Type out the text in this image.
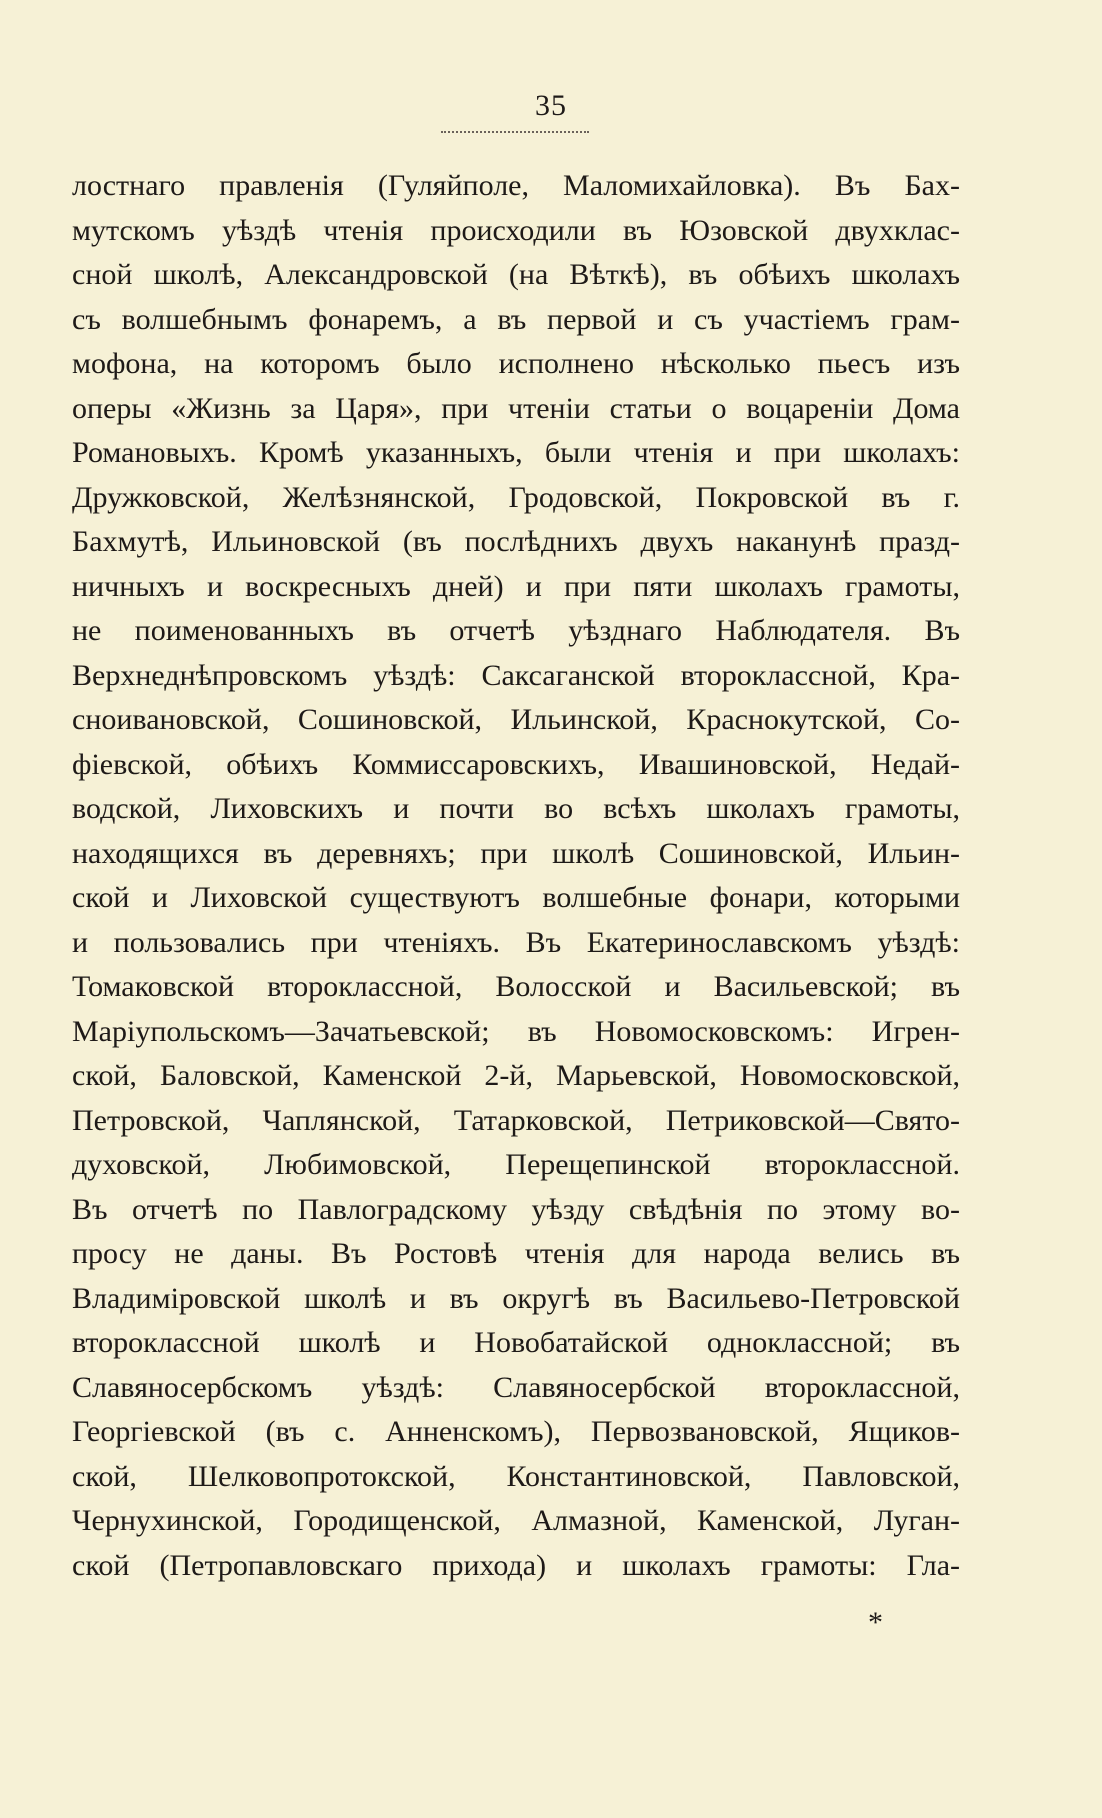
35
лостнаго правленія (Гуляйполе, Маломихайловка). Въ Бах-
мутскомъ уѣздѣ чтенія происходили въ Юзовской двухклас-
сной школѣ, Александровской (на Вѣткѣ), въ обѣихъ школахъ
съ волшебнымъ фонаремъ, а въ первой и съ участіемъ грам-
мофона, на которомъ было исполнено нѣсколько пьесъ изъ
оперы «Жизнь за Царя», при чтеніи статьи о воцареніи Дома
Романовыхъ. Кромѣ указанныхъ, были чтенія и при школахъ:
Дружковской, Желѣзнянской, Гродовской, Покровской въ г.
Бахмутѣ, Ильиновской (въ послѣднихъ двухъ наканунѣ празд-
ничныхъ и воскресныхъ дней) и при пяти школахъ грамоты,
не поименованныхъ въ отчетѣ уѣзднаго Наблюдателя. Въ
Верхнеднѣпровскомъ уѣздѣ: Саксаганской второклассной, Кра-
сноивановской, Сошиновской, Ильинской, Краснокутской, Со-
фіевской, обѣихъ Коммиссаровскихъ, Ивашиновской, Недай-
водской, Лиховскихъ и почти во всѣхъ школахъ грамоты,
находящихся въ деревняхъ; при школѣ Сошиновской, Ильин-
ской и Лиховской существуютъ волшебные фонари, которыми
и пользовались при чтеніяхъ. Въ Екатеринославскомъ уѣздѣ:
Томаковской второклассной, Волосской и Васильевской; въ
Маріупольскомъ—Зачатьевской; въ Новомосковскомъ: Игрен-
ской, Баловской, Каменской 2-й, Марьевской, Новомосковской,
Петровской, Чаплянской, Татарковской, Петриковской—Свято-
духовской, Любимовской, Перещепинской второклассной.
Въ отчетѣ по Павлоградскому уѣзду свѣдѣнія по этому во-
просу не даны. Въ Ростовѣ чтенія для народа велись въ
Владиміровской школѣ и въ округѣ въ Васильево-Петровской
второклассной школѣ и Новобатайской одноклассной; въ
Славяносербскомъ уѣздѣ: Славяносербской второклассной,
Георгіевской (въ с. Анненскомъ), Первозвановской, Ящиков-
ской, Шелковопротокской, Константиновской, Павловской,
Чернухинской, Городищенской, Алмазной, Каменской, Луган-
ской (Петропавловскаго прихода) и школахъ грамоты: Гла-
*
